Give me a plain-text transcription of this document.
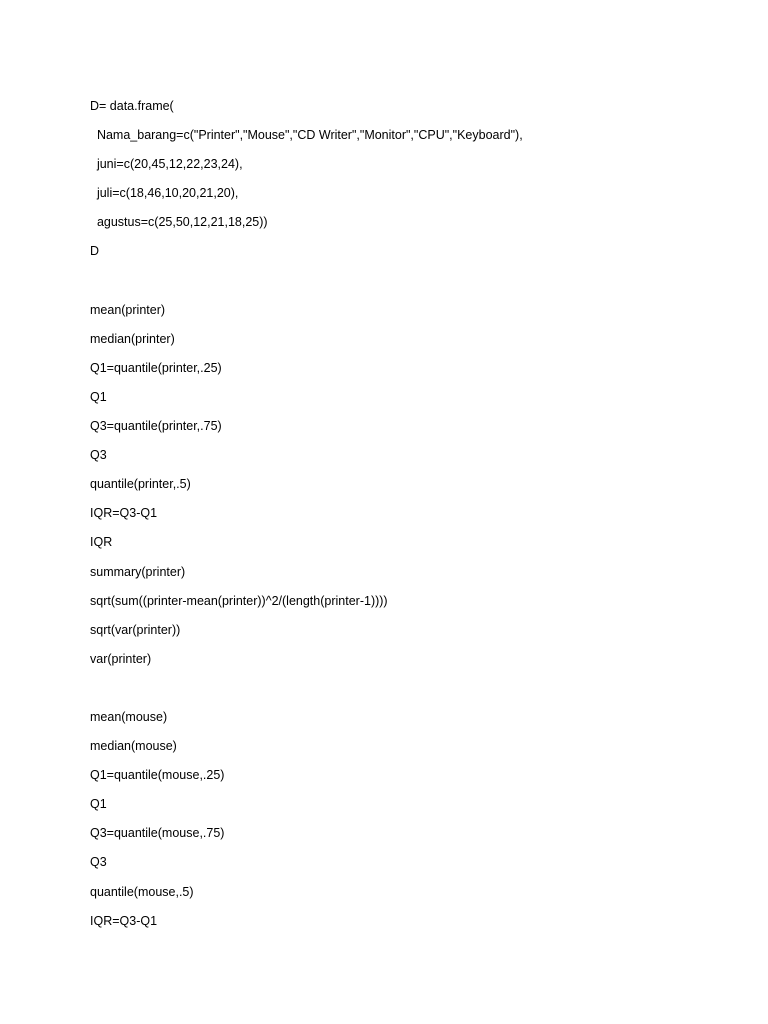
D= data.frame(

Nama_barang=c("Printer","Mouse","CD Writer","Monitor","CPU","Keyboard"),

juni=c(20,45,12,22,23,24),

juli=c(18,46,10,20,21,20),

agustus=c(25,50,12,21,18,25))

D

mean(printer)

median(printer)

Q1=quantile(printer,.25)

Q1

Q3=quantile(printer,.75)

Q3

quantile(printer,.5)

IQR=Q3-Q1

IQR

summary(printer)

sqrt(sum((printer-mean(printer))^2/(length(printer-1))))

sqrt(var(printer))

var(printer)

mean(mouse)

median(mouse)

Q1=quantile(mouse,.25)

Q1

Q3=quantile(mouse,.75)

Q3

quantile(mouse,.5)

IQR=Q3-Q1
